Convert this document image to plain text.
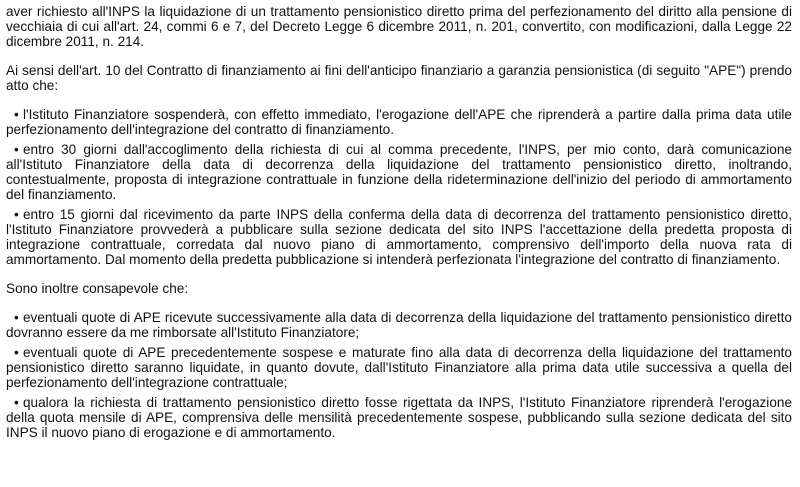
aver richiesto all'INPS la liquidazione di un trattamento pensionistico diretto prima del perfezionamento del diritto alla pensione di vecchiaia di cui all'art. 24, commi 6 e 7, del Decreto Legge 6 dicembre 2011, n. 201, convertito, con modificazioni, dalla Legge 22 dicembre 2011, n. 214.

Ai sensi dell'art. 10 del Contratto di finanziamento ai fini dell'anticipo finanziario a garanzia pensionistica (di seguito "APE") prendo atto che:

• l'Istituto Finanziatore sospenderà, con effetto immediato, l'erogazione dell'APE che riprenderà a partire dalla prima data utile perfezionamento dell'integrazione del contratto di finanziamento.

• entro 30 giorni dall'accoglimento della richiesta di cui al comma precedente, l'INPS, per mio conto, darà comunicazione all'Istituto Finanziatore della data di decorrenza della liquidazione del trattamento pensionistico diretto, inoltrando, contestualmente, proposta di integrazione contrattuale in funzione della rideterminazione dell'inizio del periodo di ammortamento del finanziamento.

• entro 15 giorni dal ricevimento da parte INPS della conferma della data di decorrenza del trattamento pensionistico diretto, l'Istituto Finanziatore provvederà a pubblicare sulla sezione dedicata del sito INPS l'accettazione della predetta proposta di integrazione contrattuale, corredata dal nuovo piano di ammortamento, comprensivo dell'importo della nuova rata di ammortamento. Dal momento della predetta pubblicazione si intenderà perfezionata l'integrazione del contratto di finanziamento.

Sono inoltre consapevole che:

• eventuali quote di APE ricevute successivamente alla data di decorrenza della liquidazione del trattamento pensionistico diretto dovranno essere da me rimborsate all'Istituto Finanziatore;

• eventuali quote di APE precedentemente sospese e maturate fino alla data di decorrenza della liquidazione del trattamento pensionistico diretto saranno liquidate, in quanto dovute, dall'Istituto Finanziatore alla prima data utile successiva a quella del perfezionamento dell'integrazione contrattuale;

• qualora la richiesta di trattamento pensionistico diretto fosse rigettata da INPS, l'Istituto Finanziatore riprenderà l'erogazione della quota mensile di APE, comprensiva delle mensilità precedentemente sospese, pubblicando sulla sezione dedicata del sito INPS il nuovo piano di erogazione e di ammortamento.
